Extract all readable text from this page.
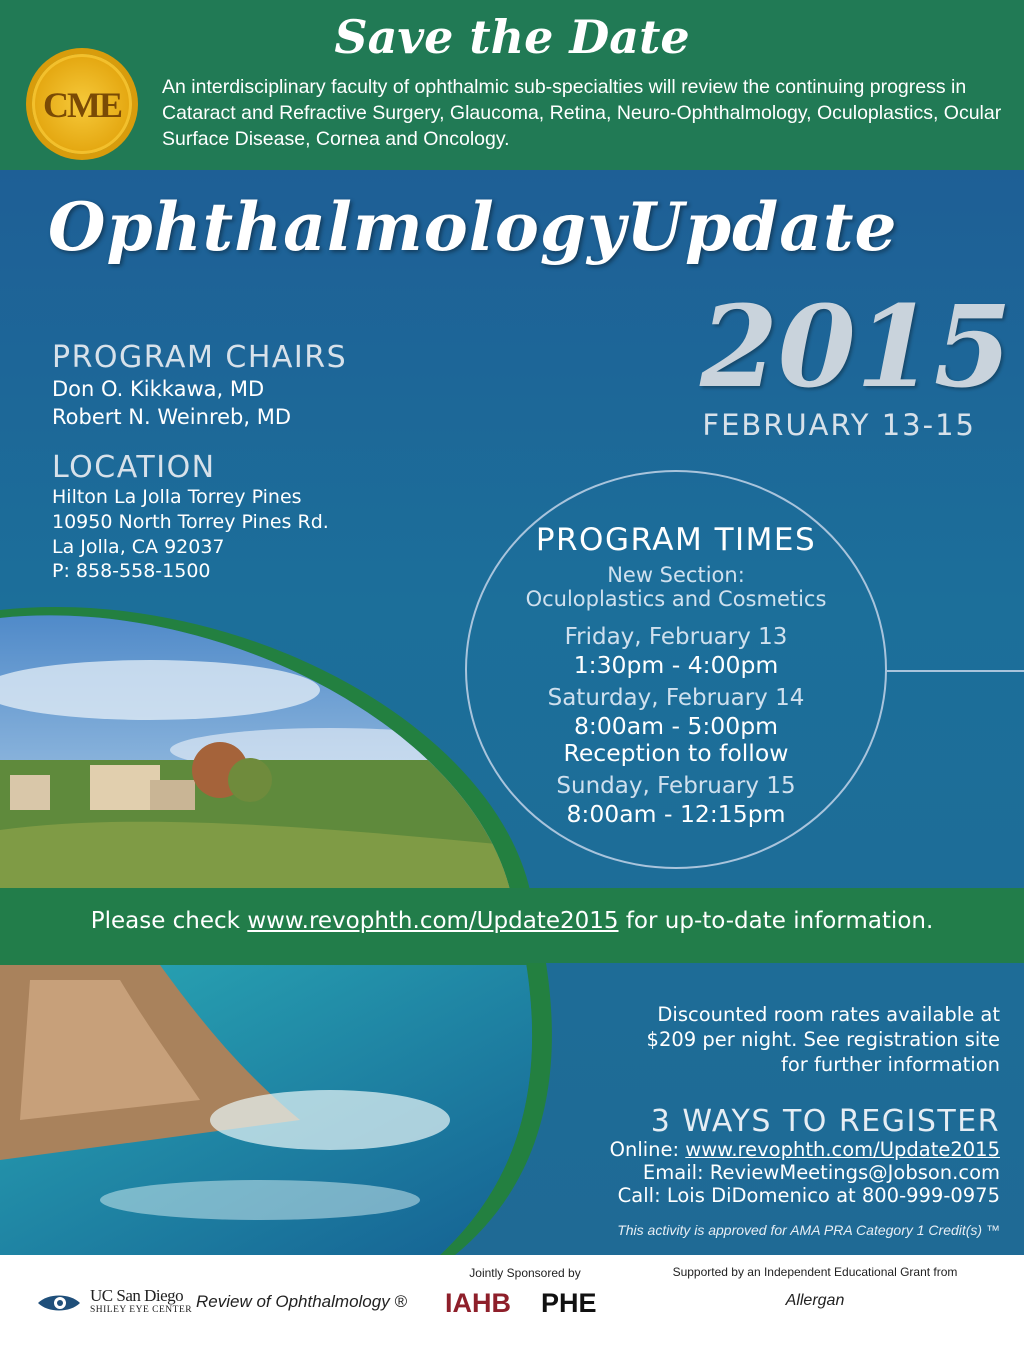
Save the Date
CME	An interdisciplinary faculty of ophthalmic sub-specialties will review the continuing progress in Cataract and Refractive Surgery, Glaucoma, Retina, Neuro-Ophthalmology, Oculoplastics, Ocular Surface Disease, Cornea and Oncology.
OphthalmologyUpdate
2015
FEBRUARY 13-15
PROGRAM CHAIRS
Don O. Kikkawa, MD
Robert N. Weinreb, MD
LOCATION
Hilton La Jolla Torrey Pines
10950 North Torrey Pines Rd.
La Jolla, CA 92037
P: 858-558-1500
PROGRAM TIMES
New Section:
Oculoplastics and Cosmetics
Friday, February 13
1:30pm - 4:00pm
Saturday, February 14
8:00am - 5:00pm
Reception to follow
Sunday, February 15
8:00am - 12:15pm
Please check www.revophth.com/Update2015 for up-to-date information.
Discounted room rates available at
$209 per night. See registration site
for further information
3 WAYS TO REGISTER
Online: www.revophth.com/Update2015
Email: ReviewMeetings@Jobson.com
Call: Lois DiDomenico at 800-999-0975
This activity is approved for AMA PRA Category 1 Credit(s) ™
UC San Diego
SHILEY EYE CENTER Review of Ophthalmology ®
Jointly Sponsored by
IAHB PHE
Supported by an Independent Educational Grant from
Allergan
